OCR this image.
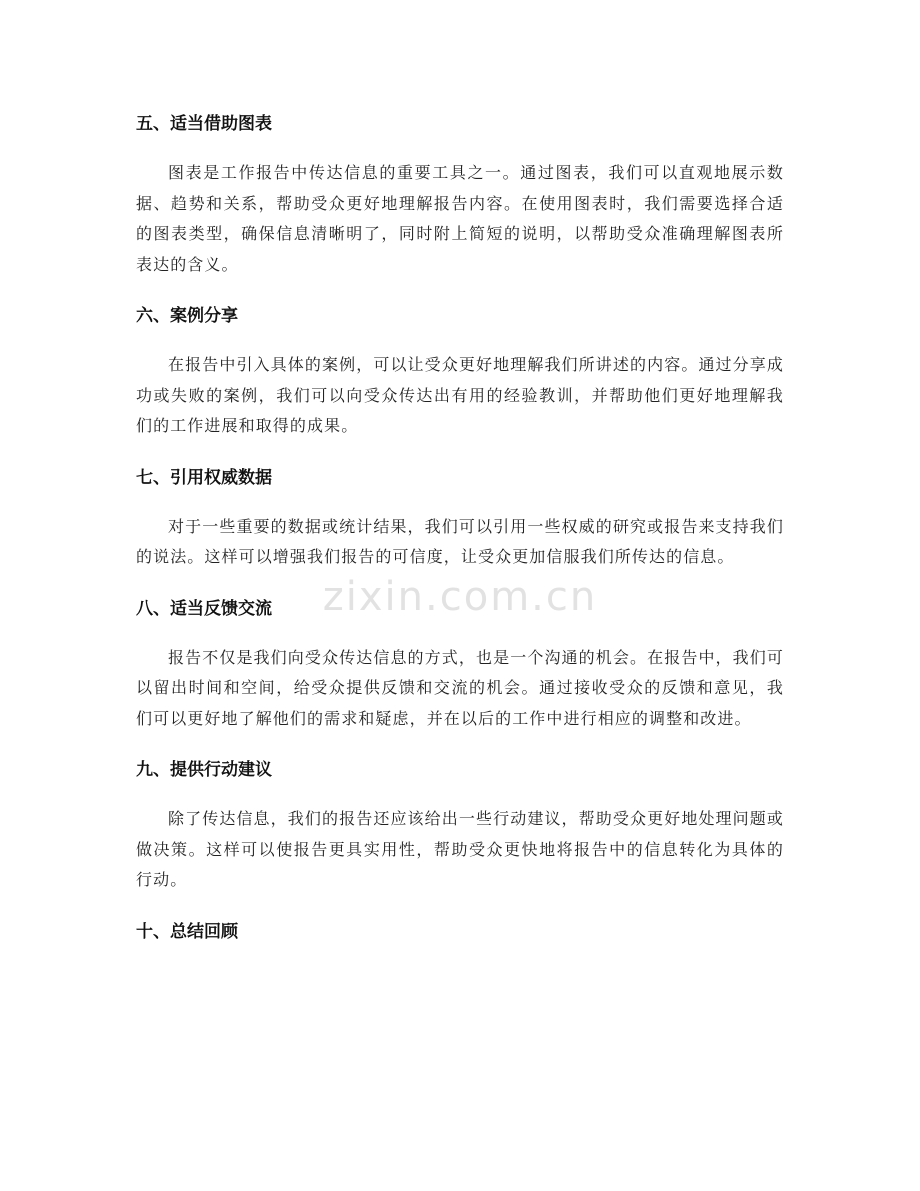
zixin.com.cn
五、适当借助图表

图表是工作报告中传达信息的重要工具之一。通过图表，我们可以直观地展示数据、趋势和关系，帮助受众更好地理解报告内容。在使用图表时，我们需要选择合适的图表类型，确保信息清晰明了，同时附上简短的说明，以帮助受众准确理解图表所表达的含义。

六、案例分享

在报告中引入具体的案例，可以让受众更好地理解我们所讲述的内容。通过分享成功或失败的案例，我们可以向受众传达出有用的经验教训，并帮助他们更好地理解我们的工作进展和取得的成果。

七、引用权威数据

对于一些重要的数据或统计结果，我们可以引用一些权威的研究或报告来支持我们的说法。这样可以增强我们报告的可信度，让受众更加信服我们所传达的信息。

八、适当反馈交流

报告不仅是我们向受众传达信息的方式，也是一个沟通的机会。在报告中，我们可以留出时间和空间，给受众提供反馈和交流的机会。通过接收受众的反馈和意见，我们可以更好地了解他们的需求和疑虑，并在以后的工作中进行相应的调整和改进。

九、提供行动建议

除了传达信息，我们的报告还应该给出一些行动建议，帮助受众更好地处理问题或做决策。这样可以使报告更具实用性，帮助受众更快地将报告中的信息转化为具体的行动。

十、总结回顾
